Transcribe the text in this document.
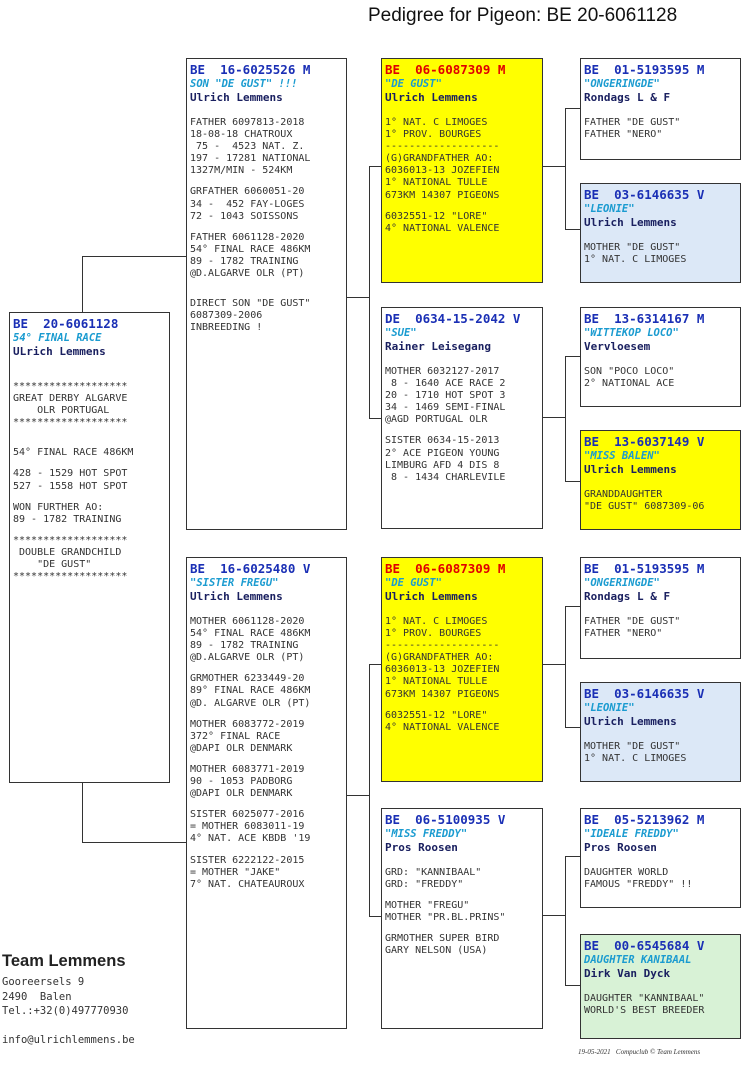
Pedigree for Pigeon: BE 20-6061128
BE  20-6061128
54° FINAL RACE
ULrich Lemmens
*******************
GREAT DERBY ALGARVE
OLR PORTUGAL
*******************
54° FINAL RACE 486KM
428 - 1529 HOT SPOT
527 - 1558 HOT SPOT
WON FURTHER AO:
89 - 1782 TRAINING
*******************
DOUBLE GRANDCHILD
"DE GUST"
*******************
BE  16-6025526 M
SON "DE GUST" !!!
Ulrich Lemmens
FATHER 6097813-2018
18-08-18 CHATROUX
75 -  4523 NAT. Z.
197 - 17281 NATIONAL
1327M/MIN - 524KM
GRFATHER 6060051-20
34 -  452 FAY-LOGES
72 - 1043 SOISSONS
FATHER 6061128-2020
54° FINAL RACE 486KM
89 - 1782 TRAINING
@D.ALGARVE OLR (PT)
DIRECT SON "DE GUST"
6087309-2006
INBREEDING !
BE  16-6025480 V
"SISTER FREGU"
Ulrich Lemmens
MOTHER 6061128-2020
54° FINAL RACE 486KM
89 - 1782 TRAINING
@D.ALGARVE OLR (PT)
GRMOTHER 6233449-20
89° FINAL RACE 486KM
@D. ALGARVE OLR (PT)
MOTHER 6083772-2019
372° FINAL RACE
@DAPI OLR DENMARK
MOTHER 6083771-2019
90 - 1053 PADBORG
@DAPI OLR DENMARK
SISTER 6025077-2016
= MOTHER 6083011-19
4° NAT. ACE KBDB '19
SISTER 6222122-2015
= MOTHER "JAKE"
7° NAT. CHATEAUROUX
BE  06-6087309 M
"DE GUST"
Ulrich Lemmens
1° NAT. C LIMOGES
1° PROV. BOURGES
-------------------
(G)GRANDFATHER AO:
6036013-13 JOZEFIEN
1° NATIONAL TULLE
673KM 14307 PIGEONS
6032551-12 "LORE"
4° NATIONAL VALENCE
DE  0634-15-2042 V
"SUE"
Rainer Leisegang
MOTHER 6032127-2017
8 - 1640 ACE RACE 2
20 - 1710 HOT SPOT 3
34 - 1469 SEMI-FINAL
@AGD PORTUGAL OLR
SISTER 0634-15-2013
2° ACE PIGEON YOUNG
LIMBURG AFD 4 DIS 8
8 - 1434 CHARLEVILE
BE  06-6087309 M
"DE GUST"
Ulrich Lemmens
1° NAT. C LIMOGES
1° PROV. BOURGES
-------------------
(G)GRANDFATHER AO:
6036013-13 JOZEFIEN
1° NATIONAL TULLE
673KM 14307 PIGEONS
6032551-12 "LORE"
4° NATIONAL VALENCE
BE  06-5100935 V
"MISS FREDDY"
Pros Roosen
GRD: "KANNIBAAL"
GRD: "FREDDY"
MOTHER "FREGU"
MOTHER "PR.BL.PRINS"
GRMOTHER SUPER BIRD
GARY NELSON (USA)
BE  01-5193595 M
"ONGERINGDE"
Rondags L & F
FATHER "DE GUST"
FATHER "NERO"
BE  03-6146635 V
"LEONIE"
Ulrich Lemmens
MOTHER "DE GUST"
1° NAT. C LIMOGES
BE  13-6314167 M
"WITTEKOP LOCO"
Vervloesem
SON "POCO LOCO"
2° NATIONAL ACE
BE  13-6037149 V
"MISS BALEN"
Ulrich Lemmens
GRANDDAUGHTER
"DE GUST" 6087309-06
BE  01-5193595 M
"ONGERINGDE"
Rondags L & F
FATHER "DE GUST"
FATHER "NERO"
BE  03-6146635 V
"LEONIE"
Ulrich Lemmens
MOTHER "DE GUST"
1° NAT. C LIMOGES
BE  05-5213962 M
"IDEALE FREDDY"
Pros Roosen
DAUGHTER WORLD
FAMOUS "FREDDY" !!
BE  00-6545684 V
DAUGHTER KANIBAAL
Dirk Van Dyck
DAUGHTER "KANNIBAAL"
WORLD'S BEST BREEDER
Team Lemmens
Gooreersels 9
2490  Balen
Tel.:+32(0)497770930
info@ulrichlemmens.be
19-05-2021   Compuclub © Team Lemmens
